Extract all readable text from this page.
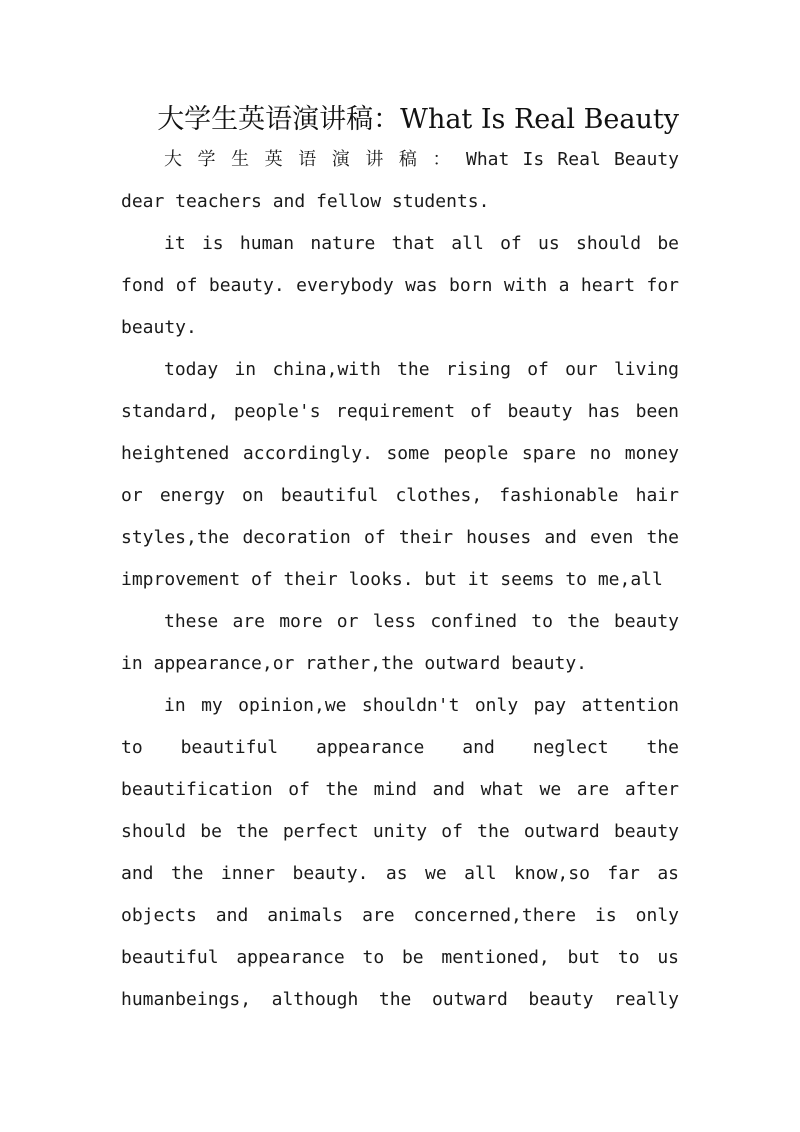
大学生英语演讲稿：What Is Real Beauty
大 学 生 英 语 演 讲 稿 ： What Is Real Beauty
dear teachers and fellow students.
it is human nature that all of us should be
fond of beauty. everybody was born with a heart for
beauty.
today in china,with the rising of our living
standard, people's requirement of beauty has been
heightened accordingly. some people spare no money
or energy on beautiful clothes, fashionable hair
styles,the decoration of their houses and even the
improvement of their looks. but it seems to me,all
these are more or less confined to the beauty
in appearance,or rather,the outward beauty.
in my opinion,we shouldn't only pay attention
to beautiful appearance and neglect the
beautification of the mind and what we are after
should be the perfect unity of the outward beauty
and the inner beauty. as we all know,so far as
objects and animals are concerned,there is only
beautiful appearance to be mentioned, but to us
humanbeings, although the outward beauty really
